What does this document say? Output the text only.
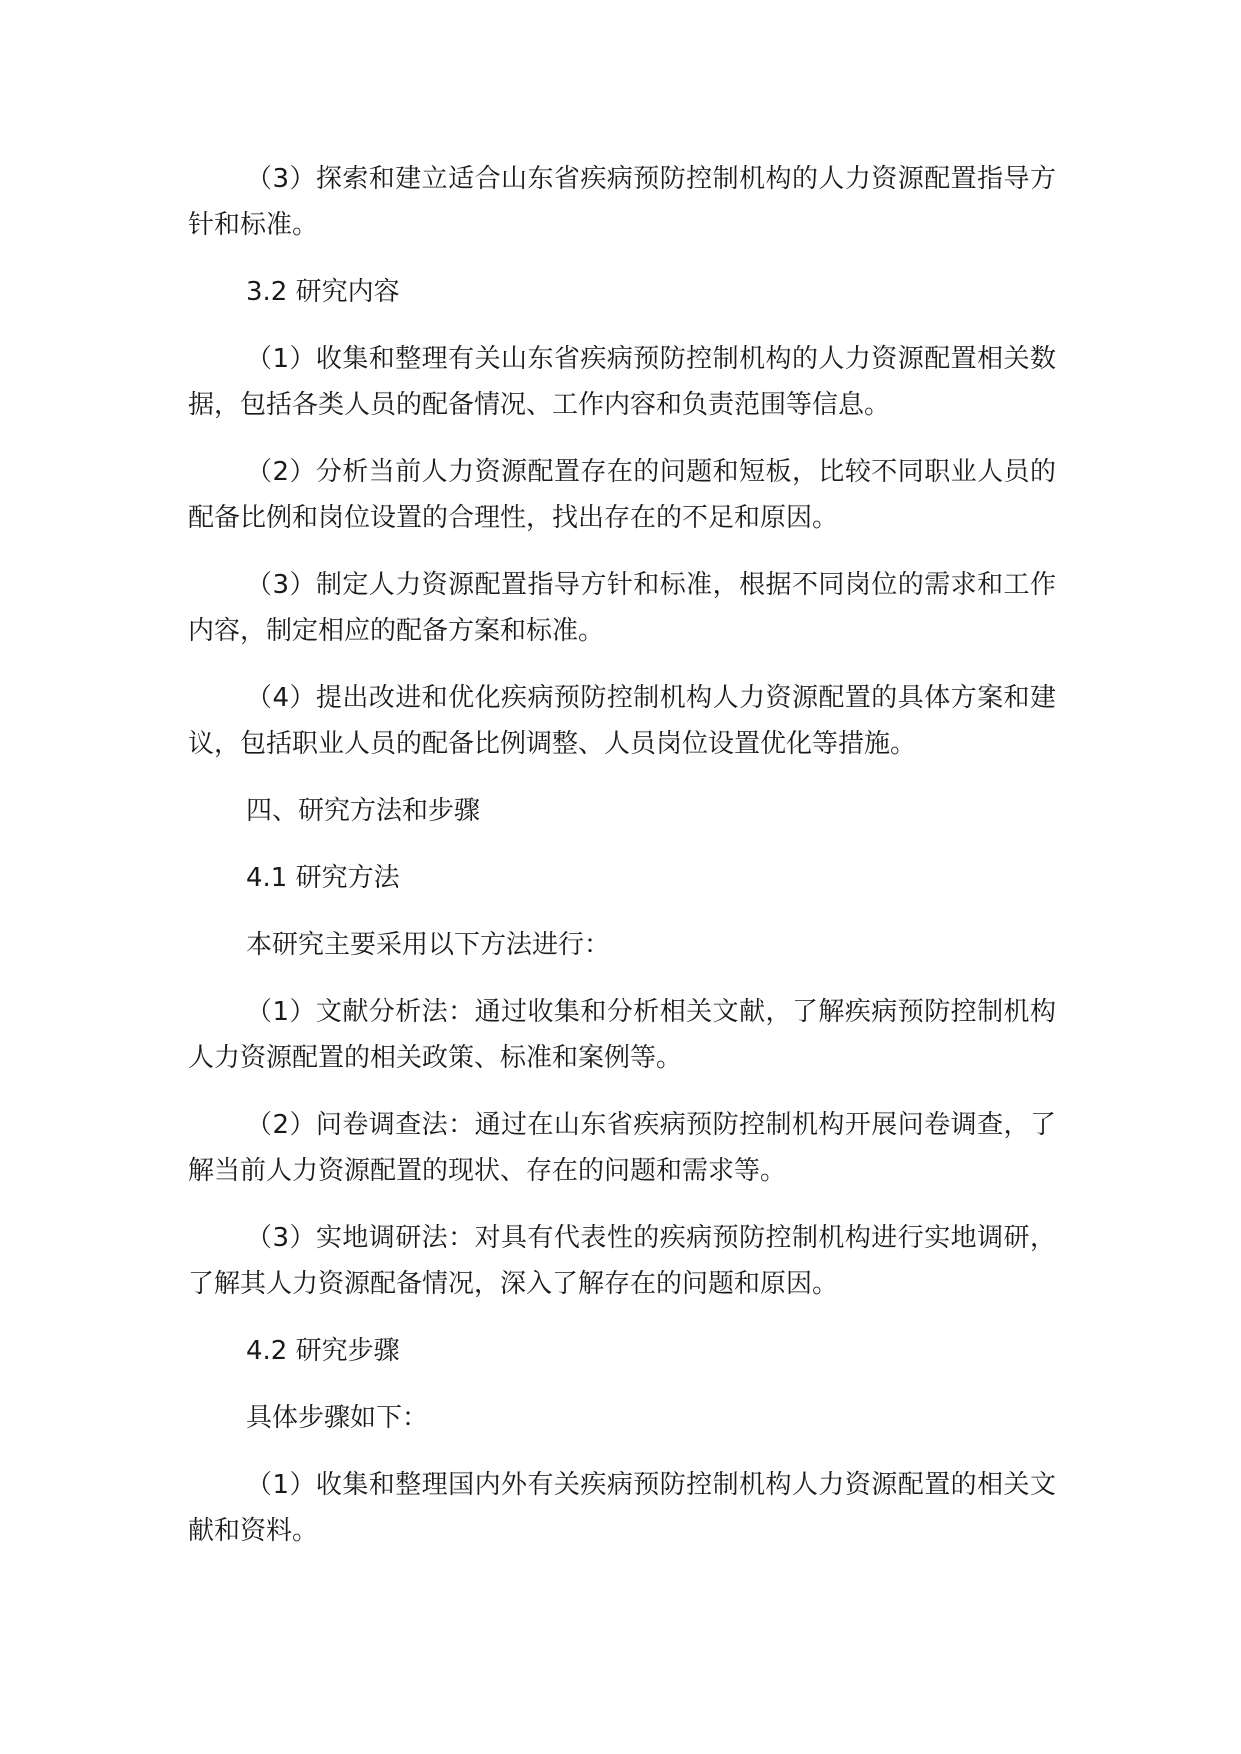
（3）探索和建立适合山东省疾病预防控制机构的人力资源配置指导方针和标准。

3.2 研究内容

（1）收集和整理有关山东省疾病预防控制机构的人力资源配置相关数据，包括各类人员的配备情况、工作内容和负责范围等信息。

（2）分析当前人力资源配置存在的问题和短板，比较不同职业人员的配备比例和岗位设置的合理性，找出存在的不足和原因。

（3）制定人力资源配置指导方针和标准，根据不同岗位的需求和工作内容，制定相应的配备方案和标准。

（4）提出改进和优化疾病预防控制机构人力资源配置的具体方案和建议，包括职业人员的配备比例调整、人员岗位设置优化等措施。

四、研究方法和步骤

4.1 研究方法

本研究主要采用以下方法进行：

（1）文献分析法：通过收集和分析相关文献，了解疾病预防控制机构人力资源配置的相关政策、标准和案例等。

（2）问卷调查法：通过在山东省疾病预防控制机构开展问卷调查，了解当前人力资源配置的现状、存在的问题和需求等。

（3）实地调研法：对具有代表性的疾病预防控制机构进行实地调研，了解其人力资源配备情况，深入了解存在的问题和原因。

4.2 研究步骤

具体步骤如下：

（1）收集和整理国内外有关疾病预防控制机构人力资源配置的相关文献和资料。
